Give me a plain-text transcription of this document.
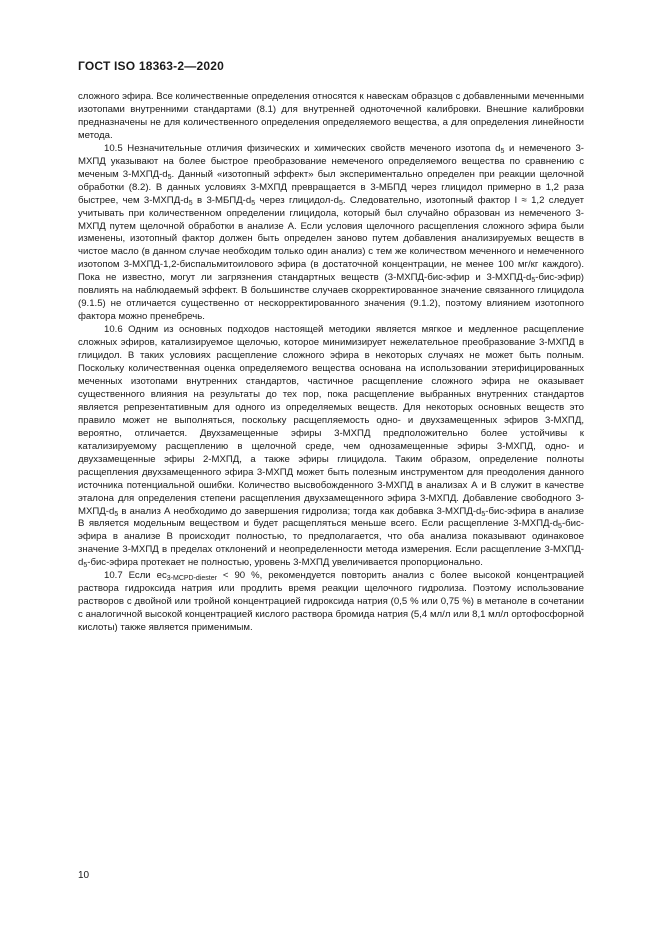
ГОСТ ISO 18363-2—2020

сложного эфира. Все количественные определения относятся к навескам образцов с добавленными меченными изотопами внутренними стандартами (8.1) для внутренней одноточечной калибровки. Внешние калибровки предназначены не для количественного определения определяемого вещества, а для определения линейности метода.

10.5 Незначительные отличия физических и химических свойств меченого изотопа $d_5$ и немеченого 3-МХПД указывают на более быстрое преобразование немеченого определяемого вещества по сравнению с меченым $3-МХПД-d_5$. Данный «изотопный эффект» был экспериментально определен при реакции щелочной обработки (8.2). В данных условиях 3-МХПД превращается в 3-МБПД через глицидол примерно в 1,2 раза быстрее, чем $3-МХПД-d_5$ в $3-МБПД-d_5$ через глицидол-$d_5$. Следовательно, изотопный фактор I ≈ 1,2 следует учитывать при количественном определении глицидола, который был случайно образован из немеченого 3-МХПД путем щелочной обработки в анализе А. Если условия щелочного расщепления сложного эфира были изменены, изотопный фактор должен быть определен заново путем добавления анализируемых веществ в чистое масло (в данном случае необходим только один анализ) с тем же количеством меченного и немеченного изотопом 3-МХПД-1,2-биспальмитоилового эфира (в достаточной концентрации, не менее 100 мг/кг каждого). Пока не известно, могут ли загрязнения стандартных веществ (3-МХПД-бис-эфир и $3-МХПД-d_5-бис-эфир$) повлиять на наблюдаемый эффект. В большинстве случаев скорректированное значение связанного глицидола (9.1.5) не отличается существенно от нескорректированного значения (9.1.2), поэтому влиянием изотопного фактора можно пренебречь.

10.6 Одним из основных подходов настоящей методики является мягкое и медленное расщепление сложных эфиров, катализируемое щелочью, которое минимизирует нежелательное преобразование 3-МХПД в глицидол. В таких условиях расщепление сложного эфира в некоторых случаях не может быть полным. Поскольку количественная оценка определяемого вещества основана на использовании этерифицированных меченных изотопами внутренних стандартов, частичное расщепление сложного эфира не оказывает существенного влияния на результаты до тех пор, пока расщепление выбранных внутренних стандартов является репрезентативным для одного из определяемых веществ. Для некоторых основных веществ это правило может не выполняться, поскольку расщепляемость одно- и двухзамещенных эфиров 3-МХПД, вероятно, отличается. Двухзамещенные эфиры 3-МХПД предположительно более устойчивы к катализируемому расщеплению в щелочной среде, чем однозамещенные эфиры 3-МХПД, одно- и двухзамещенные эфиры 2-МХПД, а также эфиры глицидола. Таким образом, определение полноты расщепления двухзамещенного эфира 3-МХПД может быть полезным инструментом для преодоления данного источника потенциальной ошибки. Количество высвобожденного 3-МХПД в анализах А и В служит в качестве эталона для определения степени расщепления двухзамещенного эфира 3-МХПД. Добавление свободного $3-МХПД-d_5$ в анализ А необходимо до завершения гидролиза; тогда как добавка $3-МХПД-d_5-бис$-эфира в анализе В является модельным веществом и будет расщепляться меньше всего. Если расщепление $3-МХПД-d_5-бис$-эфира в анализе В происходит полностью, то предполагается, что оба анализа показывают одинаковое значение 3-МХПД в пределах отклонений и неопределенности метода измерения. Если расщепление $3-МХПД-d_5-бис$-эфира протекает не полностью, уровень 3-МХПД увеличивается пропорционально.

10.7 Если $ec_{3-MCPD-diester} < 90$ %, рекомендуется повторить анализ с более высокой концентрацией раствора гидроксида натрия или продлить время реакции щелочного гидролиза. Поэтому использование растворов с двойной или тройной концентрацией гидроксида натрия (0,5 % или 0,75 %) в метаноле в сочетании с аналогичной высокой концентрацией кислого раствора бромида натрия (5,4 мл/л или 8,1 мл/л ортофосфорной кислоты) также является применимым.

10
